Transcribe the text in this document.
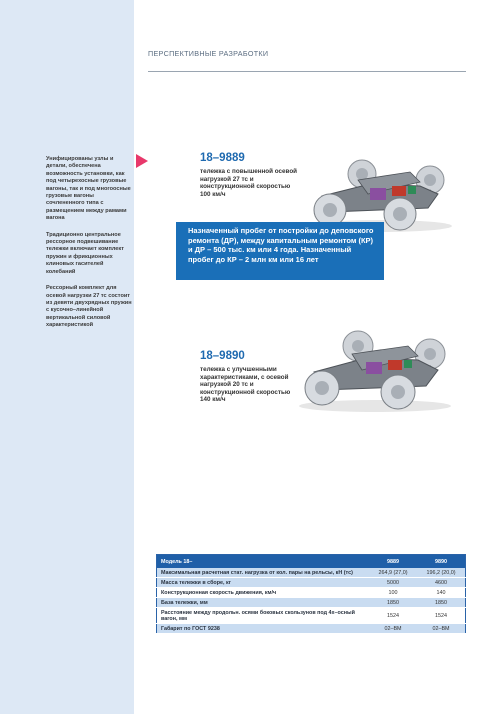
Унифицированы узлы и детали, обеспечена возможность установки, как под четырехосные грузовые вагоны, так и под многоосные грузовые вагоны сочлененного типа с размещением между рамами вагона

Традиционно центральное рессорное подвешивание тележки включает комплект пружин и фрикционных клиновых гасителей колебаний

Рессорный комплект для осевой нагрузки 27 тс состоит из девяти двухрядных пружин с кусочно–линейной вертикальной силовой характеристикой

ПЕРСПЕКТИВНЫЕ РАЗРАБОТКИ
18–9889
тележка с повышенной осевой нагрузкой 27 тс и конструкционной скоростью 100 км/ч
Назначенный пробег от постройки до деповского ремонта (ДР), между капитальным ремонтом (КР) и ДР – 500 тыс. км или 4 года. Назначенный пробег до КР – 2 млн км или 16 лет
18–9890
тележка с улучшенными характеристиками, с осевой нагрузкой 20 тс и конструкционной скоростью 140 км/ч
Модель 18–	9889	9890
Максимальная расчетная стат. нагрузка от кол. пары на рельсы, кН (тс)	264,9 (27,0)	196,2 (20,0)
Масса тележки в сборе, кг	5000	4600
Конструкционная скорость движения, км/ч	100	140
База тележки, мм	1850	1850
Расстояние между продольн. осями боковых скользунов под 4х–осный вагон, мм	1524	1524
Габарит по ГОСТ 9238	02–ВМ	02–ВМ
